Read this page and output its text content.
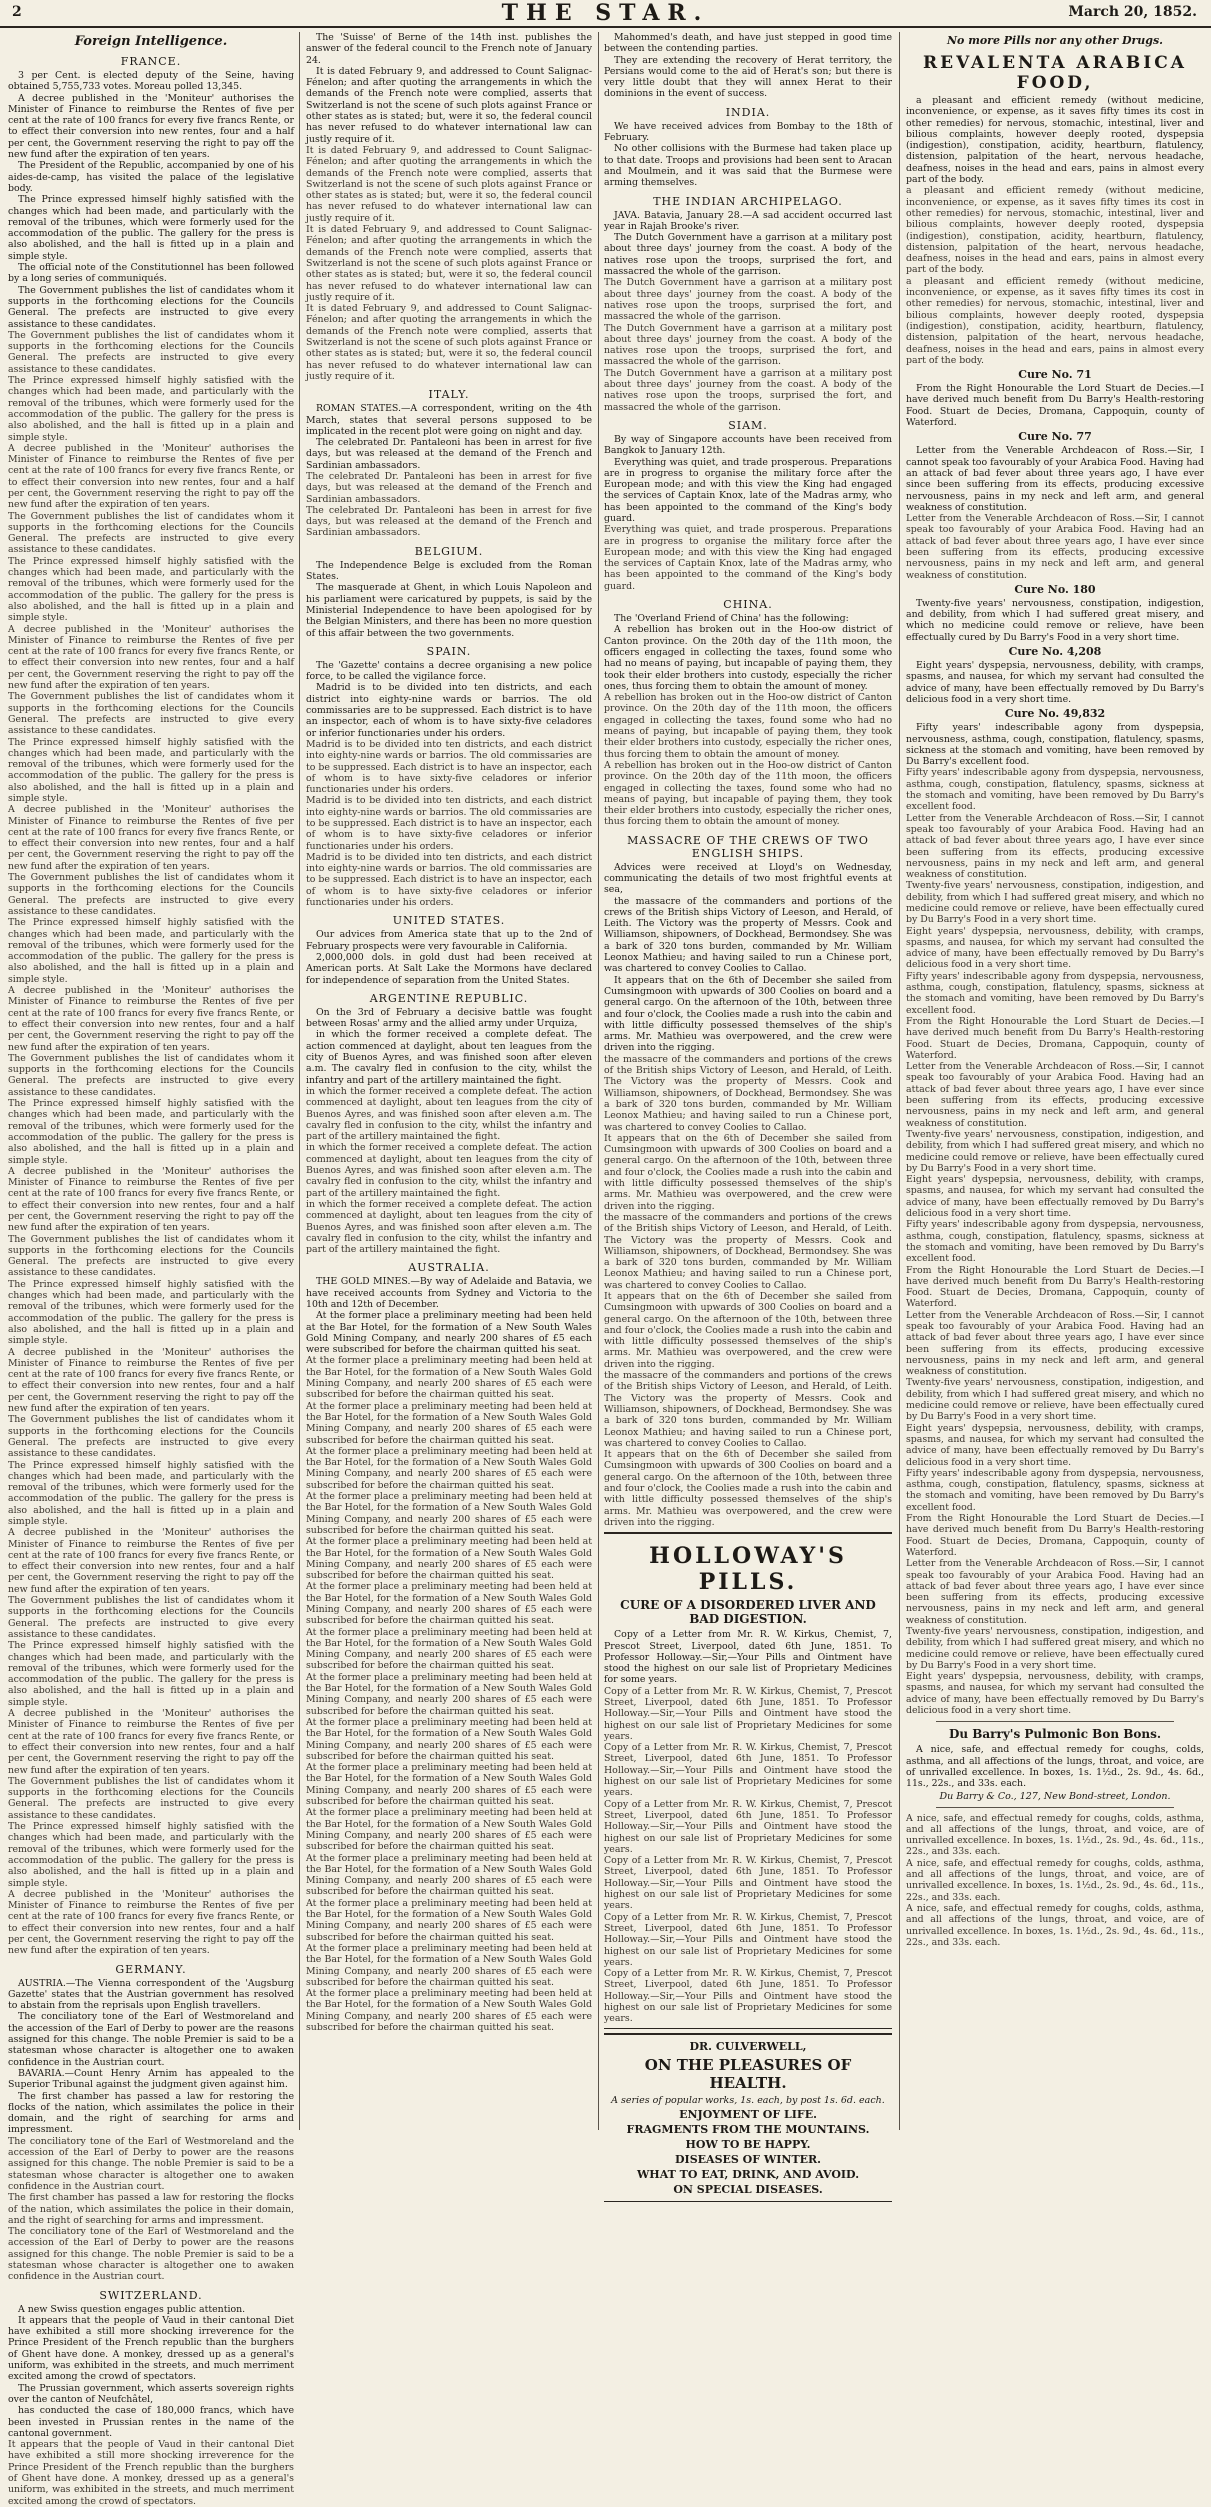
2	THE STAR.	March 20, 1852.
Foreign Intelligence.
FRANCE.

3 per Cent. is elected deputy of the Seine, having obtained 5,755,733 votes. Moreau polled 13,345.

A decree published in the 'Moniteur' authorises the Minister of Finance to reimburse the Rentes of five per cent at the rate of 100 francs for every five francs Rente, or to effect their conversion into new rentes, four and a half per cent, the Government reserving the right to pay off the new fund after the expiration of ten years.

The President of the Republic, accompanied by one of his aides-de-camp, has visited the palace of the legislative body.

The Prince expressed himself highly satisfied with the changes which had been made, and particularly with the removal of the tribunes, which were formerly used for the accommodation of the public. The gallery for the press is also abolished, and the hall is fitted up in a plain and simple style.

The official note of the Constitutionnel has been followed by a long series of communiqués.

The Government publishes the list of candidates whom it supports in the forthcoming elections for the Councils General. The prefects are instructed to give every assistance to these candidates.

The Government publishes the list of candidates whom it supports in the forthcoming elections for the Councils General. The prefects are instructed to give every assistance to these candidates.

The Prince expressed himself highly satisfied with the changes which had been made, and particularly with the removal of the tribunes, which were formerly used for the accommodation of the public. The gallery for the press is also abolished, and the hall is fitted up in a plain and simple style.

A decree published in the 'Moniteur' authorises the Minister of Finance to reimburse the Rentes of five per cent at the rate of 100 francs for every five francs Rente, or to effect their conversion into new rentes, four and a half per cent, the Government reserving the right to pay off the new fund after the expiration of ten years.

The Government publishes the list of candidates whom it supports in the forthcoming elections for the Councils General. The prefects are instructed to give every assistance to these candidates.

The Prince expressed himself highly satisfied with the changes which had been made, and particularly with the removal of the tribunes, which were formerly used for the accommodation of the public. The gallery for the press is also abolished, and the hall is fitted up in a plain and simple style.

A decree published in the 'Moniteur' authorises the Minister of Finance to reimburse the Rentes of five per cent at the rate of 100 francs for every five francs Rente, or to effect their conversion into new rentes, four and a half per cent, the Government reserving the right to pay off the new fund after the expiration of ten years.

The Government publishes the list of candidates whom it supports in the forthcoming elections for the Councils General. The prefects are instructed to give every assistance to these candidates.

The Prince expressed himself highly satisfied with the changes which had been made, and particularly with the removal of the tribunes, which were formerly used for the accommodation of the public. The gallery for the press is also abolished, and the hall is fitted up in a plain and simple style.

A decree published in the 'Moniteur' authorises the Minister of Finance to reimburse the Rentes of five per cent at the rate of 100 francs for every five francs Rente, or to effect their conversion into new rentes, four and a half per cent, the Government reserving the right to pay off the new fund after the expiration of ten years.

The Government publishes the list of candidates whom it supports in the forthcoming elections for the Councils General. The prefects are instructed to give every assistance to these candidates.

The Prince expressed himself highly satisfied with the changes which had been made, and particularly with the removal of the tribunes, which were formerly used for the accommodation of the public. The gallery for the press is also abolished, and the hall is fitted up in a plain and simple style.

A decree published in the 'Moniteur' authorises the Minister of Finance to reimburse the Rentes of five per cent at the rate of 100 francs for every five francs Rente, or to effect their conversion into new rentes, four and a half per cent, the Government reserving the right to pay off the new fund after the expiration of ten years.

The Government publishes the list of candidates whom it supports in the forthcoming elections for the Councils General. The prefects are instructed to give every assistance to these candidates.

The Prince expressed himself highly satisfied with the changes which had been made, and particularly with the removal of the tribunes, which were formerly used for the accommodation of the public. The gallery for the press is also abolished, and the hall is fitted up in a plain and simple style.

A decree published in the 'Moniteur' authorises the Minister of Finance to reimburse the Rentes of five per cent at the rate of 100 francs for every five francs Rente, or to effect their conversion into new rentes, four and a half per cent, the Government reserving the right to pay off the new fund after the expiration of ten years.

The Government publishes the list of candidates whom it supports in the forthcoming elections for the Councils General. The prefects are instructed to give every assistance to these candidates.

The Prince expressed himself highly satisfied with the changes which had been made, and particularly with the removal of the tribunes, which were formerly used for the accommodation of the public. The gallery for the press is also abolished, and the hall is fitted up in a plain and simple style.

A decree published in the 'Moniteur' authorises the Minister of Finance to reimburse the Rentes of five per cent at the rate of 100 francs for every five francs Rente, or to effect their conversion into new rentes, four and a half per cent, the Government reserving the right to pay off the new fund after the expiration of ten years.

The Government publishes the list of candidates whom it supports in the forthcoming elections for the Councils General. The prefects are instructed to give every assistance to these candidates.

The Prince expressed himself highly satisfied with the changes which had been made, and particularly with the removal of the tribunes, which were formerly used for the accommodation of the public. The gallery for the press is also abolished, and the hall is fitted up in a plain and simple style.

A decree published in the 'Moniteur' authorises the Minister of Finance to reimburse the Rentes of five per cent at the rate of 100 francs for every five francs Rente, or to effect their conversion into new rentes, four and a half per cent, the Government reserving the right to pay off the new fund after the expiration of ten years.

The Government publishes the list of candidates whom it supports in the forthcoming elections for the Councils General. The prefects are instructed to give every assistance to these candidates.

The Prince expressed himself highly satisfied with the changes which had been made, and particularly with the removal of the tribunes, which were formerly used for the accommodation of the public. The gallery for the press is also abolished, and the hall is fitted up in a plain and simple style.

A decree published in the 'Moniteur' authorises the Minister of Finance to reimburse the Rentes of five per cent at the rate of 100 francs for every five francs Rente, or to effect their conversion into new rentes, four and a half per cent, the Government reserving the right to pay off the new fund after the expiration of ten years.

The Government publishes the list of candidates whom it supports in the forthcoming elections for the Councils General. The prefects are instructed to give every assistance to these candidates.

The Prince expressed himself highly satisfied with the changes which had been made, and particularly with the removal of the tribunes, which were formerly used for the accommodation of the public. The gallery for the press is also abolished, and the hall is fitted up in a plain and simple style.

A decree published in the 'Moniteur' authorises the Minister of Finance to reimburse the Rentes of five per cent at the rate of 100 francs for every five francs Rente, or to effect their conversion into new rentes, four and a half per cent, the Government reserving the right to pay off the new fund after the expiration of ten years.

GERMANY.

AUSTRIA.—The Vienna correspondent of the 'Augsburg Gazette' states that the Austrian government has resolved to abstain from the reprisals upon English travellers.

The conciliatory tone of the Earl of Westmoreland and the accession of the Earl of Derby to power are the reasons assigned for this change. The noble Premier is said to be a statesman whose character is altogether one to awaken confidence in the Austrian court.

BAVARIA.—Count Henry Arnim has appealed to the Superior Tribunal against the judgment given against him.

The first chamber has passed a law for restoring the flocks of the nation, which assimilates the police in their domain, and the right of searching for arms and impressment.

The conciliatory tone of the Earl of Westmoreland and the accession of the Earl of Derby to power are the reasons assigned for this change. The noble Premier is said to be a statesman whose character is altogether one to awaken confidence in the Austrian court.

The first chamber has passed a law for restoring the flocks of the nation, which assimilates the police in their domain, and the right of searching for arms and impressment.

The conciliatory tone of the Earl of Westmoreland and the accession of the Earl of Derby to power are the reasons assigned for this change. The noble Premier is said to be a statesman whose character is altogether one to awaken confidence in the Austrian court.

SWITZERLAND.

A new Swiss question engages public attention.

It appears that the people of Vaud in their cantonal Diet have exhibited a still more shocking irreverence for the Prince President of the French republic than the burghers of Ghent have done. A monkey, dressed up as a general's uniform, was exhibited in the streets, and much merriment excited among the crowd of spectators.

The Prussian government, which asserts sovereign rights over the canton of Neufchâtel,

has conducted the case of 180,000 francs, which have been invested in Prussian rentes in the name of the cantonal government.

It appears that the people of Vaud in their cantonal Diet have exhibited a still more shocking irreverence for the Prince President of the French republic than the burghers of Ghent have done. A monkey, dressed up as a general's uniform, was exhibited in the streets, and much merriment excited among the crowd of spectators.

The 'Suisse' of Berne of the 14th inst. publishes the answer of the federal council to the French note of January 24.

It is dated February 9, and addressed to Count Salignac-Fénelon; and after quoting the arrangements in which the demands of the French note were complied, asserts that Switzerland is not the scene of such plots against France or other states as is stated; but, were it so, the federal council has never refused to do whatever international law can justly require of it.

It is dated February 9, and addressed to Count Salignac-Fénelon; and after quoting the arrangements in which the demands of the French note were complied, asserts that Switzerland is not the scene of such plots against France or other states as is stated; but, were it so, the federal council has never refused to do whatever international law can justly require of it.

It is dated February 9, and addressed to Count Salignac-Fénelon; and after quoting the arrangements in which the demands of the French note were complied, asserts that Switzerland is not the scene of such plots against France or other states as is stated; but, were it so, the federal council has never refused to do whatever international law can justly require of it.

It is dated February 9, and addressed to Count Salignac-Fénelon; and after quoting the arrangements in which the demands of the French note were complied, asserts that Switzerland is not the scene of such plots against France or other states as is stated; but, were it so, the federal council has never refused to do whatever international law can justly require of it.

ITALY.

ROMAN STATES.—A correspondent, writing on the 4th March, states that several persons supposed to be implicated in the recent plot were going on night and day.

The celebrated Dr. Pantaleoni has been in arrest for five days, but was released at the demand of the French and Sardinian ambassadors.

The celebrated Dr. Pantaleoni has been in arrest for five days, but was released at the demand of the French and Sardinian ambassadors.

The celebrated Dr. Pantaleoni has been in arrest for five days, but was released at the demand of the French and Sardinian ambassadors.

BELGIUM.

The Independence Belge is excluded from the Roman States.

The masquerade at Ghent, in which Louis Napoleon and his parliament were caricatured by puppets, is said by the Ministerial Independence to have been apologised for by the Belgian Ministers, and there has been no more question of this affair between the two governments.

SPAIN.

The 'Gazette' contains a decree organising a new police force, to be called the vigilance force.

Madrid is to be divided into ten districts, and each district into eighty-nine wards or barrios. The old commissaries are to be suppressed. Each district is to have an inspector, each of whom is to have sixty-five celadores or inferior functionaries under his orders.

Madrid is to be divided into ten districts, and each district into eighty-nine wards or barrios. The old commissaries are to be suppressed. Each district is to have an inspector, each of whom is to have sixty-five celadores or inferior functionaries under his orders.

Madrid is to be divided into ten districts, and each district into eighty-nine wards or barrios. The old commissaries are to be suppressed. Each district is to have an inspector, each of whom is to have sixty-five celadores or inferior functionaries under his orders.

Madrid is to be divided into ten districts, and each district into eighty-nine wards or barrios. The old commissaries are to be suppressed. Each district is to have an inspector, each of whom is to have sixty-five celadores or inferior functionaries under his orders.

UNITED STATES.

Our advices from America state that up to the 2nd of February prospects were very favourable in California.

2,000,000 dols. in gold dust had been received at American ports. At Salt Lake the Mormons have declared for independence of separation from the United States.

ARGENTINE REPUBLIC.

On the 3rd of February a decisive battle was fought between Rosas' army and the allied army under Urquiza,

in which the former received a complete defeat. The action commenced at daylight, about ten leagues from the city of Buenos Ayres, and was finished soon after eleven a.m. The cavalry fled in confusion to the city, whilst the infantry and part of the artillery maintained the fight.

in which the former received a complete defeat. The action commenced at daylight, about ten leagues from the city of Buenos Ayres, and was finished soon after eleven a.m. The cavalry fled in confusion to the city, whilst the infantry and part of the artillery maintained the fight.

in which the former received a complete defeat. The action commenced at daylight, about ten leagues from the city of Buenos Ayres, and was finished soon after eleven a.m. The cavalry fled in confusion to the city, whilst the infantry and part of the artillery maintained the fight.

in which the former received a complete defeat. The action commenced at daylight, about ten leagues from the city of Buenos Ayres, and was finished soon after eleven a.m. The cavalry fled in confusion to the city, whilst the infantry and part of the artillery maintained the fight.

AUSTRALIA.

THE GOLD MINES.—By way of Adelaide and Batavia, we have received accounts from Sydney and Victoria to the 10th and 12th of December.

At the former place a preliminary meeting had been held at the Bar Hotel, for the formation of a New South Wales Gold Mining Company, and nearly 200 shares of £5 each were subscribed for before the chairman quitted his seat.

At the former place a preliminary meeting had been held at the Bar Hotel, for the formation of a New South Wales Gold Mining Company, and nearly 200 shares of £5 each were subscribed for before the chairman quitted his seat.

At the former place a preliminary meeting had been held at the Bar Hotel, for the formation of a New South Wales Gold Mining Company, and nearly 200 shares of £5 each were subscribed for before the chairman quitted his seat.

At the former place a preliminary meeting had been held at the Bar Hotel, for the formation of a New South Wales Gold Mining Company, and nearly 200 shares of £5 each were subscribed for before the chairman quitted his seat.

At the former place a preliminary meeting had been held at the Bar Hotel, for the formation of a New South Wales Gold Mining Company, and nearly 200 shares of £5 each were subscribed for before the chairman quitted his seat.

At the former place a preliminary meeting had been held at the Bar Hotel, for the formation of a New South Wales Gold Mining Company, and nearly 200 shares of £5 each were subscribed for before the chairman quitted his seat.

At the former place a preliminary meeting had been held at the Bar Hotel, for the formation of a New South Wales Gold Mining Company, and nearly 200 shares of £5 each were subscribed for before the chairman quitted his seat.

At the former place a preliminary meeting had been held at the Bar Hotel, for the formation of a New South Wales Gold Mining Company, and nearly 200 shares of £5 each were subscribed for before the chairman quitted his seat.

At the former place a preliminary meeting had been held at the Bar Hotel, for the formation of a New South Wales Gold Mining Company, and nearly 200 shares of £5 each were subscribed for before the chairman quitted his seat.

At the former place a preliminary meeting had been held at the Bar Hotel, for the formation of a New South Wales Gold Mining Company, and nearly 200 shares of £5 each were subscribed for before the chairman quitted his seat.

At the former place a preliminary meeting had been held at the Bar Hotel, for the formation of a New South Wales Gold Mining Company, and nearly 200 shares of £5 each were subscribed for before the chairman quitted his seat.

At the former place a preliminary meeting had been held at the Bar Hotel, for the formation of a New South Wales Gold Mining Company, and nearly 200 shares of £5 each were subscribed for before the chairman quitted his seat.

At the former place a preliminary meeting had been held at the Bar Hotel, for the formation of a New South Wales Gold Mining Company, and nearly 200 shares of £5 each were subscribed for before the chairman quitted his seat.

At the former place a preliminary meeting had been held at the Bar Hotel, for the formation of a New South Wales Gold Mining Company, and nearly 200 shares of £5 each were subscribed for before the chairman quitted his seat.

At the former place a preliminary meeting had been held at the Bar Hotel, for the formation of a New South Wales Gold Mining Company, and nearly 200 shares of £5 each were subscribed for before the chairman quitted his seat.

At the former place a preliminary meeting had been held at the Bar Hotel, for the formation of a New South Wales Gold Mining Company, and nearly 200 shares of £5 each were subscribed for before the chairman quitted his seat.

Mahommed's death, and have just stepped in good time between the contending parties.

They are extending the recovery of Herat territory, the Persians would come to the aid of Herat's son; but there is very little doubt that they will annex Herat to their dominions in the event of success.

INDIA.

We have received advices from Bombay to the 18th of February.

No other collisions with the Burmese had taken place up to that date. Troops and provisions had been sent to Aracan and Moulmein, and it was said that the Burmese were arming themselves.

THE INDIAN ARCHIPELAGO.

JAVA. Batavia, January 28.—A sad accident occurred last year in Rajah Brooke's river.

The Dutch Government have a garrison at a military post about three days' journey from the coast. A body of the natives rose upon the troops, surprised the fort, and massacred the whole of the garrison.

The Dutch Government have a garrison at a military post about three days' journey from the coast. A body of the natives rose upon the troops, surprised the fort, and massacred the whole of the garrison.

The Dutch Government have a garrison at a military post about three days' journey from the coast. A body of the natives rose upon the troops, surprised the fort, and massacred the whole of the garrison.

The Dutch Government have a garrison at a military post about three days' journey from the coast. A body of the natives rose upon the troops, surprised the fort, and massacred the whole of the garrison.

SIAM.

By way of Singapore accounts have been received from Bangkok to January 12th.

Everything was quiet, and trade prosperous. Preparations are in progress to organise the military force after the European mode; and with this view the King had engaged the services of Captain Knox, late of the Madras army, who has been appointed to the command of the King's body guard.

Everything was quiet, and trade prosperous. Preparations are in progress to organise the military force after the European mode; and with this view the King had engaged the services of Captain Knox, late of the Madras army, who has been appointed to the command of the King's body guard.

CHINA.

The 'Overland Friend of China' has the following:

A rebellion has broken out in the Hoo-ow district of Canton province. On the 20th day of the 11th moon, the officers engaged in collecting the taxes, found some who had no means of paying, but incapable of paying them, they took their elder brothers into custody, especially the richer ones, thus forcing them to obtain the amount of money.

A rebellion has broken out in the Hoo-ow district of Canton province. On the 20th day of the 11th moon, the officers engaged in collecting the taxes, found some who had no means of paying, but incapable of paying them, they took their elder brothers into custody, especially the richer ones, thus forcing them to obtain the amount of money.

A rebellion has broken out in the Hoo-ow district of Canton province. On the 20th day of the 11th moon, the officers engaged in collecting the taxes, found some who had no means of paying, but incapable of paying them, they took their elder brothers into custody, especially the richer ones, thus forcing them to obtain the amount of money.

MASSACRE OF THE CREWS OF TWO ENGLISH SHIPS.

Advices were received at Lloyd's on Wednesday, communicating the details of two most frightful events at sea,

the massacre of the commanders and portions of the crews of the British ships Victory of Leeson, and Herald, of Leith. The Victory was the property of Messrs. Cook and Williamson, shipowners, of Dockhead, Bermondsey. She was a bark of 320 tons burden, commanded by Mr. William Leonox Mathieu; and having sailed to run a Chinese port, was chartered to convey Coolies to Callao.

It appears that on the 6th of December she sailed from Cumsingmoon with upwards of 300 Coolies on board and a general cargo. On the afternoon of the 10th, between three and four o'clock, the Coolies made a rush into the cabin and with little difficulty possessed themselves of the ship's arms. Mr. Mathieu was overpowered, and the crew were driven into the rigging.

the massacre of the commanders and portions of the crews of the British ships Victory of Leeson, and Herald, of Leith. The Victory was the property of Messrs. Cook and Williamson, shipowners, of Dockhead, Bermondsey. She was a bark of 320 tons burden, commanded by Mr. William Leonox Mathieu; and having sailed to run a Chinese port, was chartered to convey Coolies to Callao.

It appears that on the 6th of December she sailed from Cumsingmoon with upwards of 300 Coolies on board and a general cargo. On the afternoon of the 10th, between three and four o'clock, the Coolies made a rush into the cabin and with little difficulty possessed themselves of the ship's arms. Mr. Mathieu was overpowered, and the crew were driven into the rigging.

the massacre of the commanders and portions of the crews of the British ships Victory of Leeson, and Herald, of Leith. The Victory was the property of Messrs. Cook and Williamson, shipowners, of Dockhead, Bermondsey. She was a bark of 320 tons burden, commanded by Mr. William Leonox Mathieu; and having sailed to run a Chinese port, was chartered to convey Coolies to Callao.

It appears that on the 6th of December she sailed from Cumsingmoon with upwards of 300 Coolies on board and a general cargo. On the afternoon of the 10th, between three and four o'clock, the Coolies made a rush into the cabin and with little difficulty possessed themselves of the ship's arms. Mr. Mathieu was overpowered, and the crew were driven into the rigging.

the massacre of the commanders and portions of the crews of the British ships Victory of Leeson, and Herald, of Leith. The Victory was the property of Messrs. Cook and Williamson, shipowners, of Dockhead, Bermondsey. She was a bark of 320 tons burden, commanded by Mr. William Leonox Mathieu; and having sailed to run a Chinese port, was chartered to convey Coolies to Callao.

It appears that on the 6th of December she sailed from Cumsingmoon with upwards of 300 Coolies on board and a general cargo. On the afternoon of the 10th, between three and four o'clock, the Coolies made a rush into the cabin and with little difficulty possessed themselves of the ship's arms. Mr. Mathieu was overpowered, and the crew were driven into the rigging.

HOLLOWAY'S PILLS.
CURE OF A DISORDERED LIVER AND BAD DIGESTION.

Copy of a Letter from Mr. R. W. Kirkus, Chemist, 7, Prescot Street, Liverpool, dated 6th June, 1851. To Professor Holloway.—Sir,—Your Pills and Ointment have stood the highest on our sale list of Proprietary Medicines for some years.

Copy of a Letter from Mr. R. W. Kirkus, Chemist, 7, Prescot Street, Liverpool, dated 6th June, 1851. To Professor Holloway.—Sir,—Your Pills and Ointment have stood the highest on our sale list of Proprietary Medicines for some years.

Copy of a Letter from Mr. R. W. Kirkus, Chemist, 7, Prescot Street, Liverpool, dated 6th June, 1851. To Professor Holloway.—Sir,—Your Pills and Ointment have stood the highest on our sale list of Proprietary Medicines for some years.

Copy of a Letter from Mr. R. W. Kirkus, Chemist, 7, Prescot Street, Liverpool, dated 6th June, 1851. To Professor Holloway.—Sir,—Your Pills and Ointment have stood the highest on our sale list of Proprietary Medicines for some years.

Copy of a Letter from Mr. R. W. Kirkus, Chemist, 7, Prescot Street, Liverpool, dated 6th June, 1851. To Professor Holloway.—Sir,—Your Pills and Ointment have stood the highest on our sale list of Proprietary Medicines for some years.

Copy of a Letter from Mr. R. W. Kirkus, Chemist, 7, Prescot Street, Liverpool, dated 6th June, 1851. To Professor Holloway.—Sir,—Your Pills and Ointment have stood the highest on our sale list of Proprietary Medicines for some years.

Copy of a Letter from Mr. R. W. Kirkus, Chemist, 7, Prescot Street, Liverpool, dated 6th June, 1851. To Professor Holloway.—Sir,—Your Pills and Ointment have stood the highest on our sale list of Proprietary Medicines for some years.

DR. CULVERWELL,
ON THE PLEASURES OF HEALTH.
A series of popular works, 1s. each, by post 1s. 6d. each.
ENJOYMENT OF LIFE.
FRAGMENTS FROM THE MOUNTAINS.
HOW TO BE HAPPY.
DISEASES OF WINTER.
WHAT TO EAT, DRINK, AND AVOID.
ON SPECIAL DISEASES.
No more Pills nor any other Drugs.
REVALENTA ARABICA FOOD,

a pleasant and efficient remedy (without medicine, inconvenience, or expense, as it saves fifty times its cost in other remedies) for nervous, stomachic, intestinal, liver and bilious complaints, however deeply rooted, dyspepsia (indigestion), constipation, acidity, heartburn, flatulency, distension, palpitation of the heart, nervous headache, deafness, noises in the head and ears, pains in almost every part of the body.

a pleasant and efficient remedy (without medicine, inconvenience, or expense, as it saves fifty times its cost in other remedies) for nervous, stomachic, intestinal, liver and bilious complaints, however deeply rooted, dyspepsia (indigestion), constipation, acidity, heartburn, flatulency, distension, palpitation of the heart, nervous headache, deafness, noises in the head and ears, pains in almost every part of the body.

a pleasant and efficient remedy (without medicine, inconvenience, or expense, as it saves fifty times its cost in other remedies) for nervous, stomachic, intestinal, liver and bilious complaints, however deeply rooted, dyspepsia (indigestion), constipation, acidity, heartburn, flatulency, distension, palpitation of the heart, nervous headache, deafness, noises in the head and ears, pains in almost every part of the body.

Cure No. 71

From the Right Honourable the Lord Stuart de Decies.—I have derived much benefit from Du Barry's Health-restoring Food. Stuart de Decies, Dromana, Cappoquin, county of Waterford.

Cure No. 77

Letter from the Venerable Archdeacon of Ross.—Sir, I cannot speak too favourably of your Arabica Food. Having had an attack of bad fever about three years ago, I have ever since been suffering from its effects, producing excessive nervousness, pains in my neck and left arm, and general weakness of constitution.

Letter from the Venerable Archdeacon of Ross.—Sir, I cannot speak too favourably of your Arabica Food. Having had an attack of bad fever about three years ago, I have ever since been suffering from its effects, producing excessive nervousness, pains in my neck and left arm, and general weakness of constitution.

Cure No. 180

Twenty-five years' nervousness, constipation, indigestion, and debility, from which I had suffered great misery, and which no medicine could remove or relieve, have been effectually cured by Du Barry's Food in a very short time.

Cure No. 4,208

Eight years' dyspepsia, nervousness, debility, with cramps, spasms, and nausea, for which my servant had consulted the advice of many, have been effectually removed by Du Barry's delicious food in a very short time.

Cure No. 49,832

Fifty years' indescribable agony from dyspepsia, nervousness, asthma, cough, constipation, flatulency, spasms, sickness at the stomach and vomiting, have been removed by Du Barry's excellent food.

Fifty years' indescribable agony from dyspepsia, nervousness, asthma, cough, constipation, flatulency, spasms, sickness at the stomach and vomiting, have been removed by Du Barry's excellent food.

Letter from the Venerable Archdeacon of Ross.—Sir, I cannot speak too favourably of your Arabica Food. Having had an attack of bad fever about three years ago, I have ever since been suffering from its effects, producing excessive nervousness, pains in my neck and left arm, and general weakness of constitution.

Twenty-five years' nervousness, constipation, indigestion, and debility, from which I had suffered great misery, and which no medicine could remove or relieve, have been effectually cured by Du Barry's Food in a very short time.

Eight years' dyspepsia, nervousness, debility, with cramps, spasms, and nausea, for which my servant had consulted the advice of many, have been effectually removed by Du Barry's delicious food in a very short time.

Fifty years' indescribable agony from dyspepsia, nervousness, asthma, cough, constipation, flatulency, spasms, sickness at the stomach and vomiting, have been removed by Du Barry's excellent food.

From the Right Honourable the Lord Stuart de Decies.—I have derived much benefit from Du Barry's Health-restoring Food. Stuart de Decies, Dromana, Cappoquin, county of Waterford.

Letter from the Venerable Archdeacon of Ross.—Sir, I cannot speak too favourably of your Arabica Food. Having had an attack of bad fever about three years ago, I have ever since been suffering from its effects, producing excessive nervousness, pains in my neck and left arm, and general weakness of constitution.

Twenty-five years' nervousness, constipation, indigestion, and debility, from which I had suffered great misery, and which no medicine could remove or relieve, have been effectually cured by Du Barry's Food in a very short time.

Eight years' dyspepsia, nervousness, debility, with cramps, spasms, and nausea, for which my servant had consulted the advice of many, have been effectually removed by Du Barry's delicious food in a very short time.

Fifty years' indescribable agony from dyspepsia, nervousness, asthma, cough, constipation, flatulency, spasms, sickness at the stomach and vomiting, have been removed by Du Barry's excellent food.

From the Right Honourable the Lord Stuart de Decies.—I have derived much benefit from Du Barry's Health-restoring Food. Stuart de Decies, Dromana, Cappoquin, county of Waterford.

Letter from the Venerable Archdeacon of Ross.—Sir, I cannot speak too favourably of your Arabica Food. Having had an attack of bad fever about three years ago, I have ever since been suffering from its effects, producing excessive nervousness, pains in my neck and left arm, and general weakness of constitution.

Twenty-five years' nervousness, constipation, indigestion, and debility, from which I had suffered great misery, and which no medicine could remove or relieve, have been effectually cured by Du Barry's Food in a very short time.

Eight years' dyspepsia, nervousness, debility, with cramps, spasms, and nausea, for which my servant had consulted the advice of many, have been effectually removed by Du Barry's delicious food in a very short time.

Fifty years' indescribable agony from dyspepsia, nervousness, asthma, cough, constipation, flatulency, spasms, sickness at the stomach and vomiting, have been removed by Du Barry's excellent food.

From the Right Honourable the Lord Stuart de Decies.—I have derived much benefit from Du Barry's Health-restoring Food. Stuart de Decies, Dromana, Cappoquin, county of Waterford.

Letter from the Venerable Archdeacon of Ross.—Sir, I cannot speak too favourably of your Arabica Food. Having had an attack of bad fever about three years ago, I have ever since been suffering from its effects, producing excessive nervousness, pains in my neck and left arm, and general weakness of constitution.

Twenty-five years' nervousness, constipation, indigestion, and debility, from which I had suffered great misery, and which no medicine could remove or relieve, have been effectually cured by Du Barry's Food in a very short time.

Eight years' dyspepsia, nervousness, debility, with cramps, spasms, and nausea, for which my servant had consulted the advice of many, have been effectually removed by Du Barry's delicious food in a very short time.

Du Barry's Pulmonic Bon Bons.

A nice, safe, and effectual remedy for coughs, colds, asthma, and all affections of the lungs, throat, and voice, are of unrivalled excellence. In boxes, 1s. 1½d., 2s. 9d., 4s. 6d., 11s., 22s., and 33s. each.

Du Barry & Co., 127, New Bond-street, London.

A nice, safe, and effectual remedy for coughs, colds, asthma, and all affections of the lungs, throat, and voice, are of unrivalled excellence. In boxes, 1s. 1½d., 2s. 9d., 4s. 6d., 11s., 22s., and 33s. each.

A nice, safe, and effectual remedy for coughs, colds, asthma, and all affections of the lungs, throat, and voice, are of unrivalled excellence. In boxes, 1s. 1½d., 2s. 9d., 4s. 6d., 11s., 22s., and 33s. each.

A nice, safe, and effectual remedy for coughs, colds, asthma, and all affections of the lungs, throat, and voice, are of unrivalled excellence. In boxes, 1s. 1½d., 2s. 9d., 4s. 6d., 11s., 22s., and 33s. each.
